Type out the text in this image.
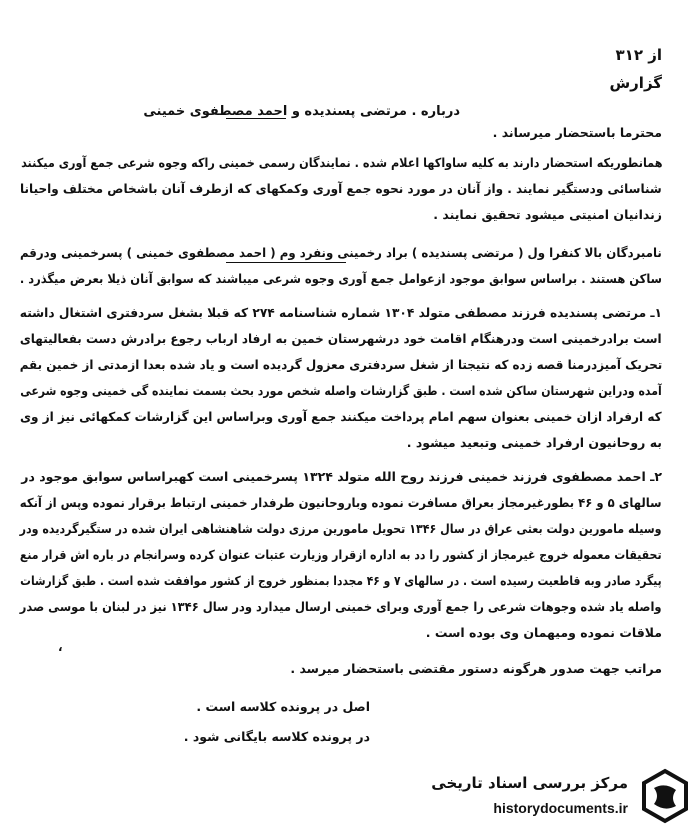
از ۳۱۲
گزارش
درباره . مرتضی پسندیده و احمد مصطفوی خمینی
محترما باستحضار میرساند .
همانطوریکه استحضار دارند به کلیه ساواکها اعلام شده . نمایندگان رسمی خمینی راکه وجوه شرعی جمع آوری میکنند
شناسائی ودستگیر نمایند . واز آنان در مورد نحوه جمع آوری وکمکهای که ازطرف آنان باشخاص مختلف واحیانا
زندانیان امنیتی میشود تحقیق نمایند .
نامبردگان بالا کنفرا ول ( مرتضی پسندیده ) براد رخمینی ونفرد وم ( احمد مصطفوی خمینی ) پسرخمینی ودرقم
ساکن هستند . براساس سوابق موجود ازعوامل جمع آوری وجوه شرعی میباشند که سوابق آنان ذیلا بعرض میگذرد .
۱ـ مرتضی پسندیده فرزند مصطفی متولد ۱۳۰۴ شماره شناسنامه ۲۷۴ که قبلا بشغل سردفتری اشتغال داشته
است برادرخمینی است ودرهنگام اقامت خود درشهرستان خمین به ارفاد ارباب رجوع برادرش دست بفعالیتهای
تحریک آمیزدرمنا قصه زده که نتیجتا از شغل سردفتری معزول گردیده است و یاد شده بعدا ازمدتی از خمین بقم
آمده ودراین شهرستان ساکن شده است . طبق گزارشات واصله شخص مورد بحث بسمت نماینده گی خمینی وجوه شرعی
که ارفراد ازان خمینی بعنوان سهم امام پرداخت میکنند جمع آوری وبراساس این گزارشات کمکهائی نیز از وی
به روحانیون ارفراد خمینی وتبعید میشود .
۲ـ احمد مصطفوی فرزند خمینی فرزند روح الله متولد ۱۳۲۴ پسرخمینی است کهبراساس سوابق موجود در
سالهای ۵ و ۴۶ بطورغیرمجاز بعراق مسافرت نموده وباروحانیون طرفدار خمینی ارتباط برقرار نموده وپس از آنکه
وسیله مامورین دولت بعثی عراق در سال ۱۳۴۶ تحویل مامورین مرزی دولت شاهنشاهی ایران شده در ستگیرگردیده ودر
تحقیقات معموله خروج غیرمجاز از کشور را دد به اداره ازقرار وزیارت عتبات عنوان کرده وسرانجام در باره اش قرار منع
پیگرد صادر وبه قاطعیت رسیده است . در سالهای ۷ و ۴۶ مجددا بمنظور خروج از کشور موافقت شده است . طبق گزارشات
واصله یاد شده وجوهات شرعی را جمع آوری وبرای خمینی ارسال میدارد ودر سال ۱۳۴۶ نیز در لبنان با موسی صدر
ملاقات نموده ومیهمان وی بوده است .
،
مراتب جهت صدور هرگونه دستور مقتضی باستحضار میرسد .
اصل در پرونده کلاسه است .
در پرونده کلاسه بایگانی شود .
مرکز بررسی اسناد تاریخی
historydocuments.ir
